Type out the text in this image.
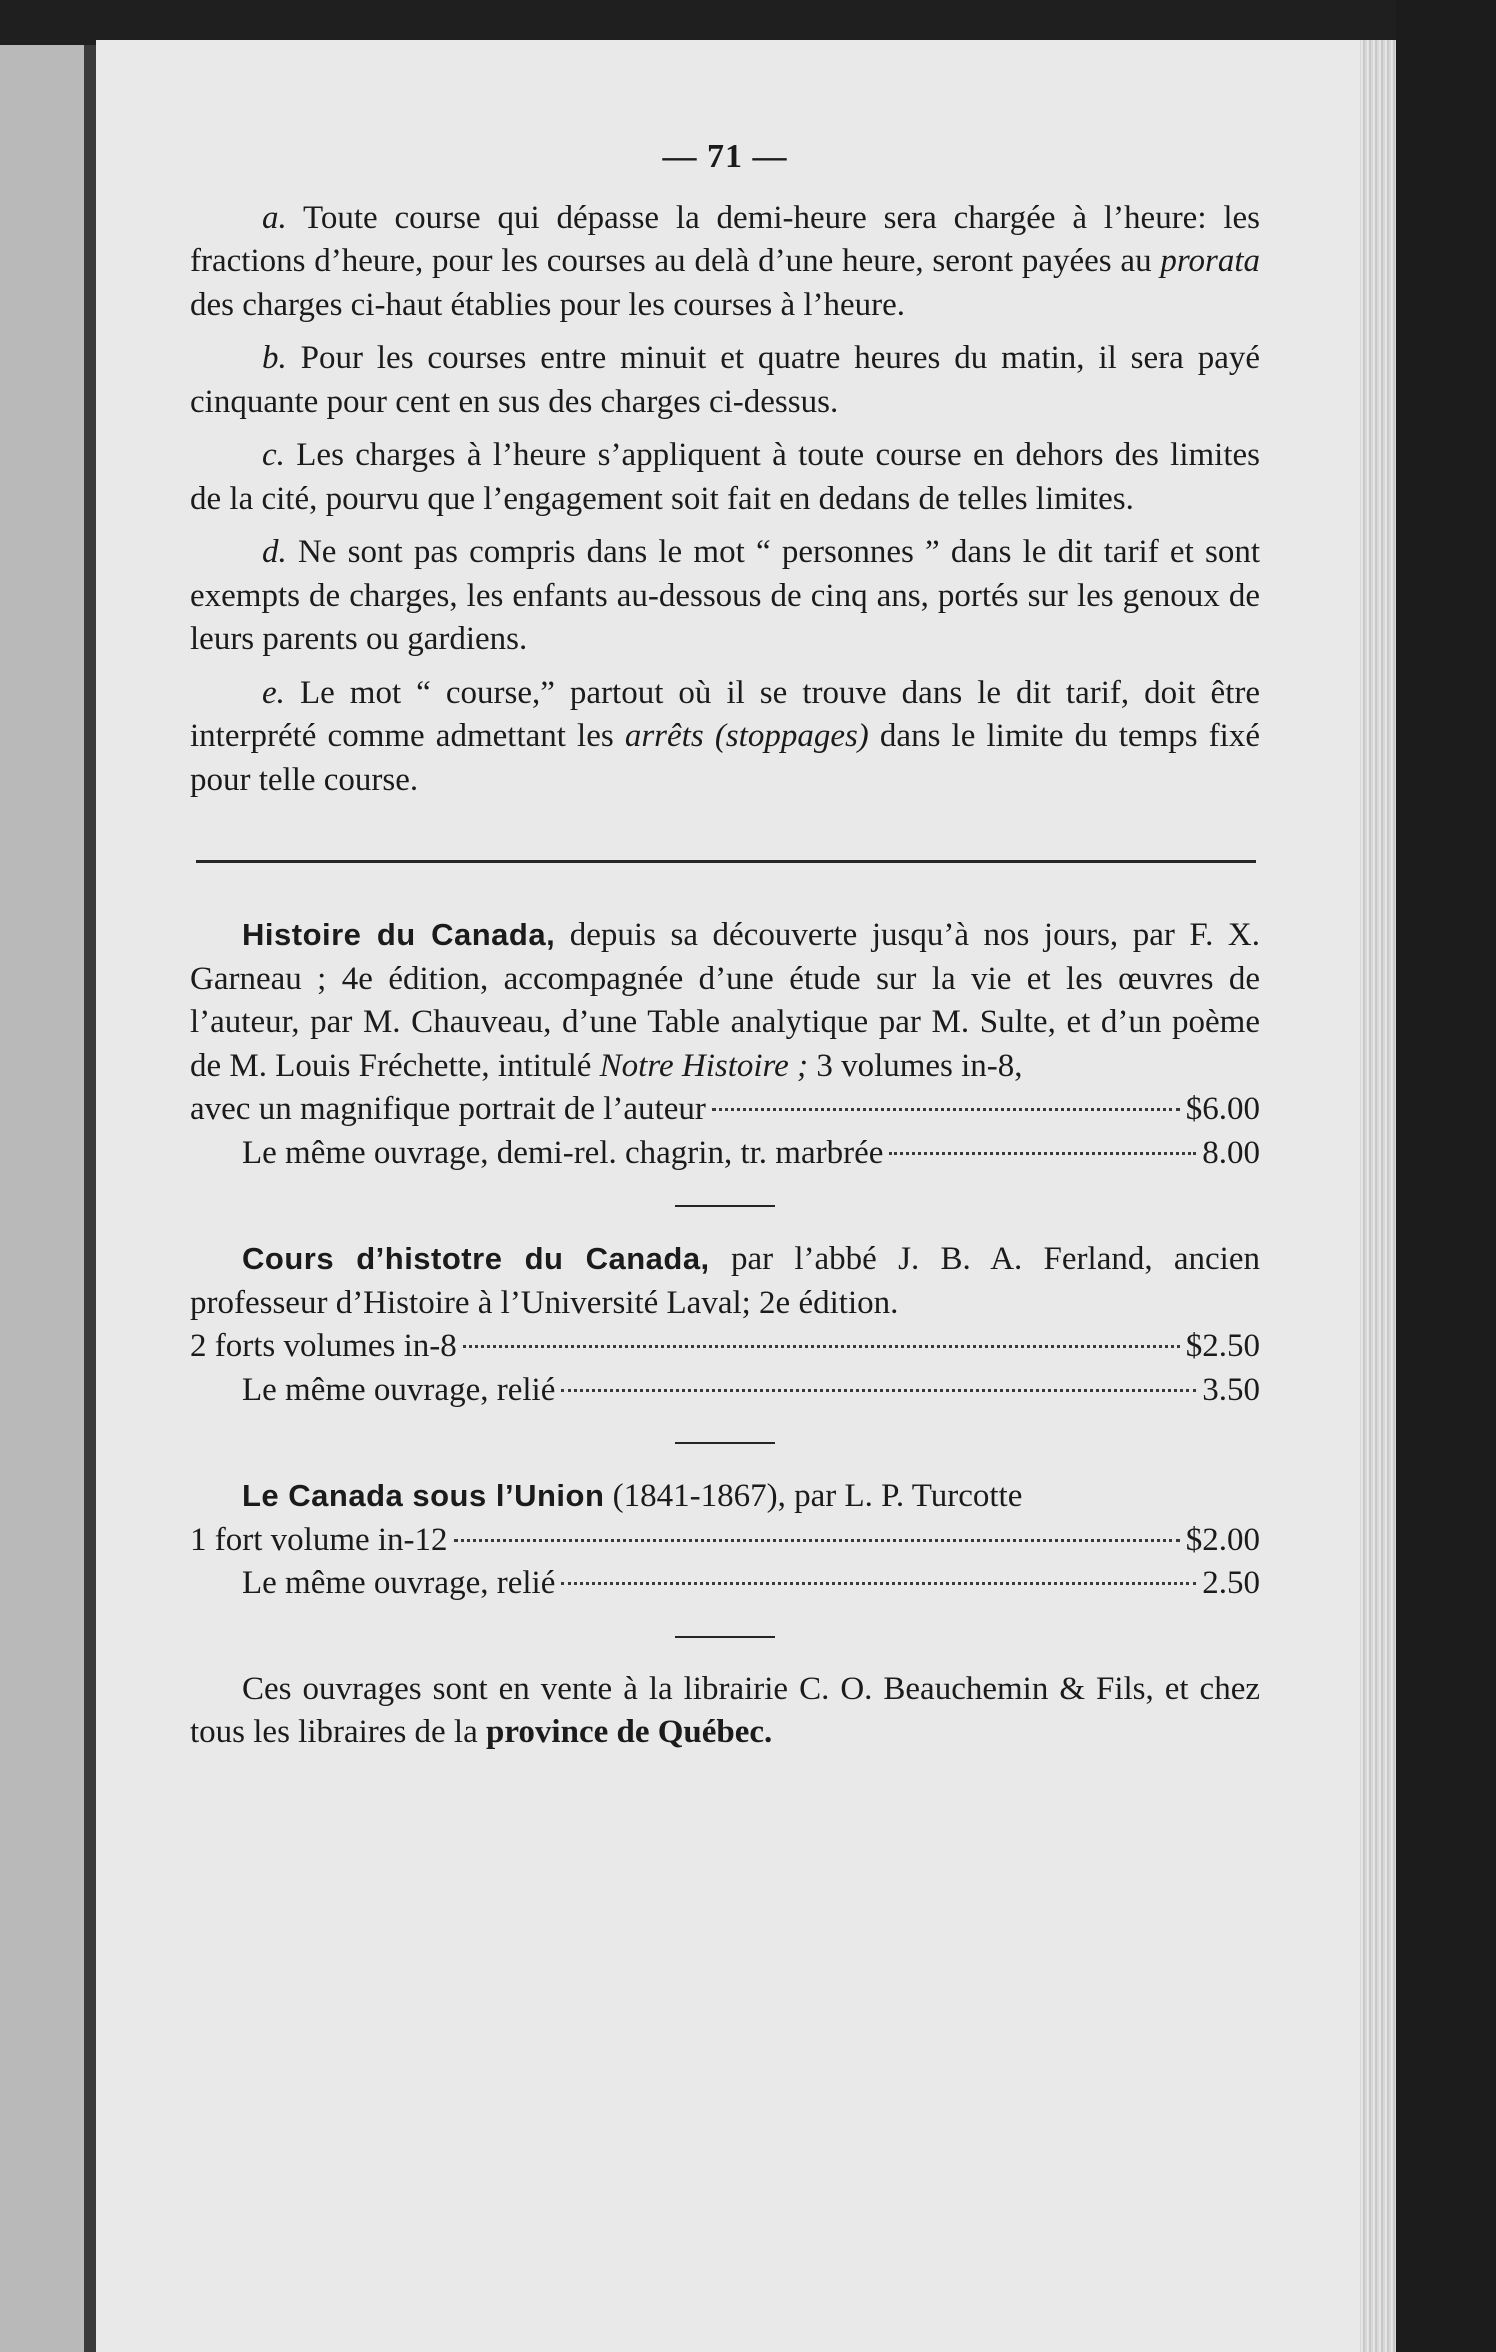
— 71 —

a. Toute course qui dépasse la demi-heure sera chargée à l’heure: les fractions d’heure, pour les courses au delà d’une heure, seront payées au prorata des charges ci-haut établies pour les courses à l’heure.

b. Pour les courses entre minuit et quatre heures du matin, il sera payé cinquante pour cent en sus des charges ci-dessus.

c. Les charges à l’heure s’appliquent à toute course en dehors des limites de la cité, pourvu que l’engagement soit fait en dedans de telles limites.

d. Ne sont pas compris dans le mot “ personnes ” dans le dit tarif et sont exempts de charges, les enfants au-dessous de cinq ans, portés sur les genoux de leurs parents ou gardiens.

e. Le mot “ course,” partout où il se trouve dans le dit tarif, doit être interprété comme admettant les arrêts (stoppages) dans le limite du temps fixé pour telle course.

Histoire du Canada, depuis sa découverte jusqu’à nos jours, par F. X. Garneau ; 4e édition, accompagnée d’une étude sur la vie et les œuvres de l’auteur, par M. Chauveau, d’une Table analytique par M. Sulte, et d’un poème de M. Louis Fréchette, intitulé Notre Histoire ; 3 volumes in-8,

avec un magnifique portrait de l’auteur	$6.00
Le même ouvrage, demi-rel. chagrin, tr. marbrée	8.00

Cours d’histotre du Canada, par l’abbé J. B. A. Ferland, ancien professeur d’Histoire à l’Université Laval; 2e édition.

2 forts volumes in-8	$2.50
Le même ouvrage, relié	3.50

Le Canada sous l’Union (1841-1867), par L. P. Turcotte

1 fort volume in-12	$2.00
Le même ouvrage, relié	2.50

Ces ouvrages sont en vente à la librairie C. O. Beauchemin & Fils, et chez tous les libraires de la province de Québec.
